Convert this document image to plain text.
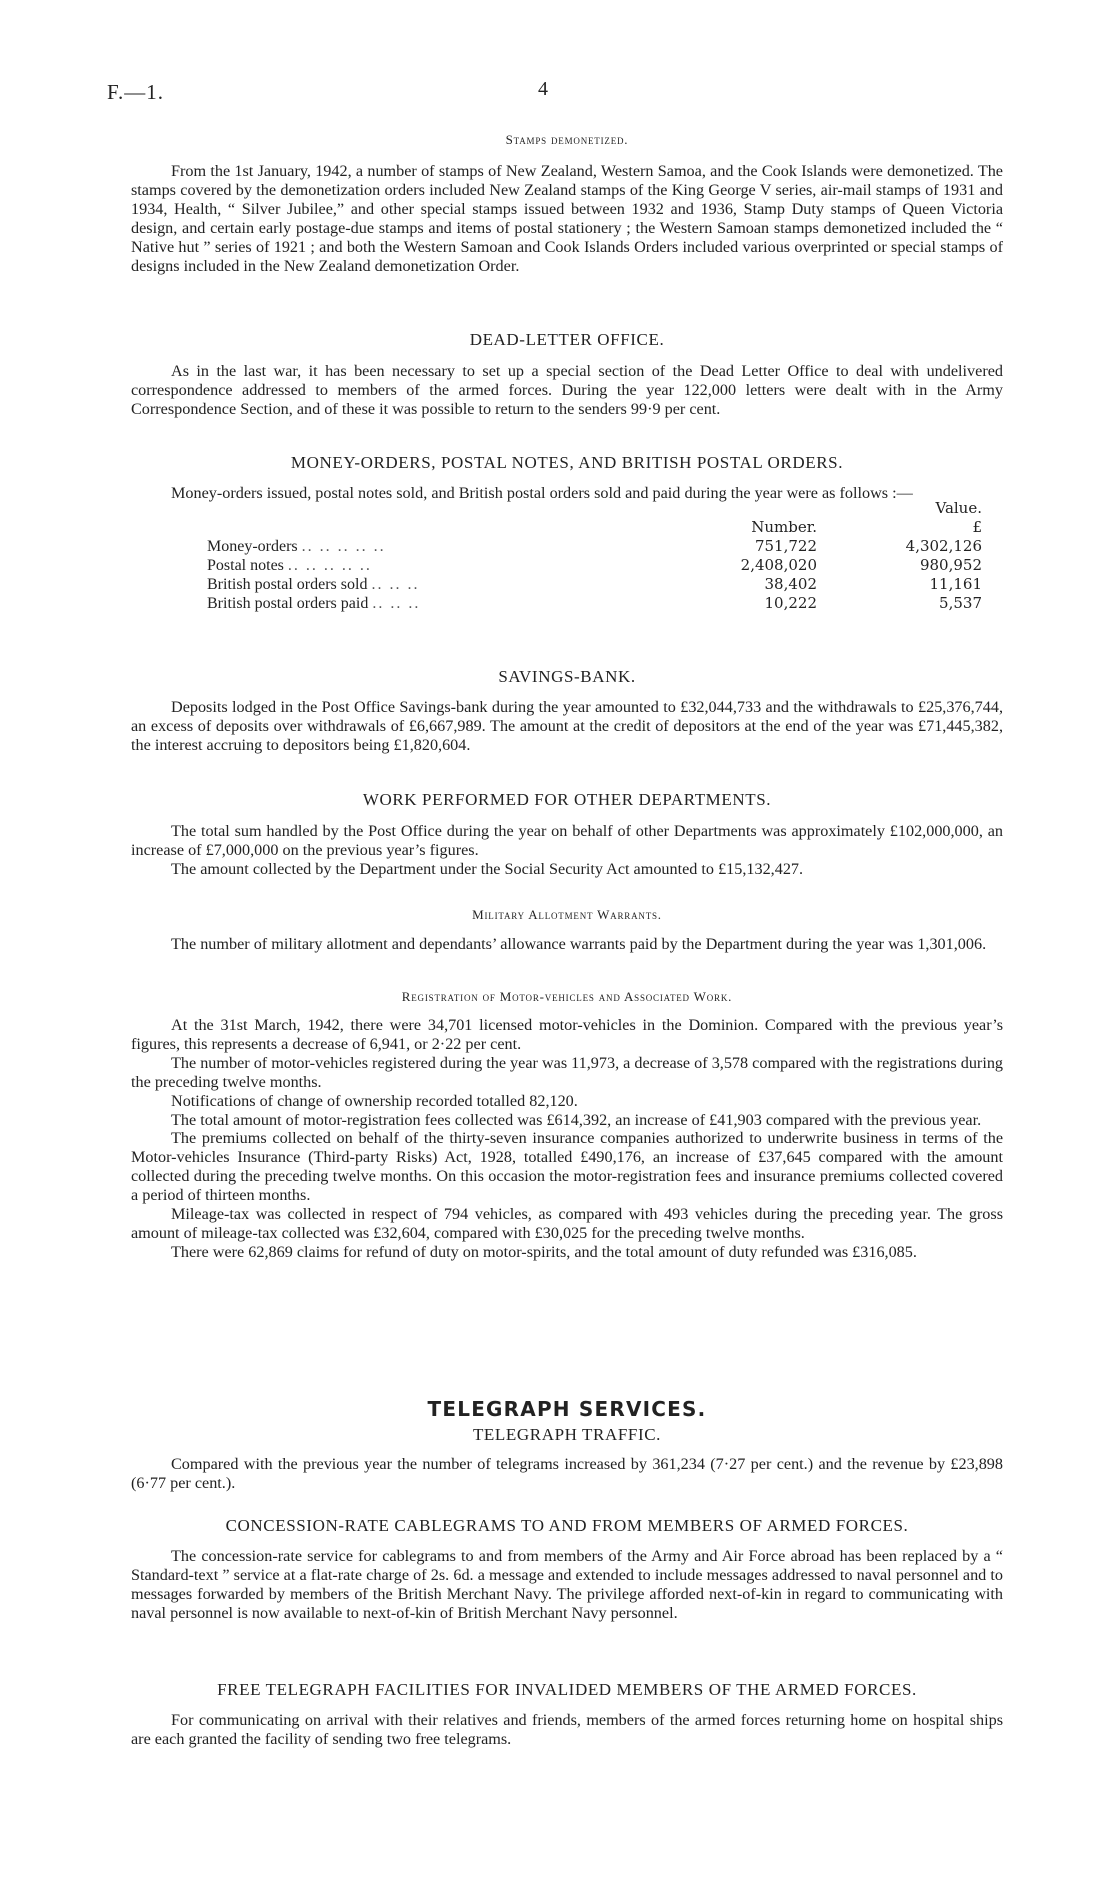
F.—1.	4
Stamps demonetized.

From the 1st January, 1942, a number of stamps of New Zealand, Western Samoa, and the Cook Islands were demonetized. The stamps covered by the demonetization orders included New Zealand stamps of the King George V series, air-mail stamps of 1931 and 1934, Health, “ Silver Jubilee,” and other special stamps issued between 1932 and 1936, Stamp Duty stamps of Queen Victoria design, and certain early postage-due stamps and items of postal stationery ; the Western Samoan stamps demonetized included the “ Native hut ” series of 1921 ; and both the Western Samoan and Cook Islands Orders included various overprinted or special stamps of designs included in the New Zealand demonetization Order.

DEAD-LETTER OFFICE.

As in the last war, it has been necessary to set up a special section of the Dead Letter Office to deal with undelivered correspondence addressed to members of the armed forces. During the year 122,000 letters were dealt with in the Army Correspondence Section, and of these it was possible to return to the senders 99·9 per cent.

MONEY-ORDERS, POSTAL NOTES, AND BRITISH POSTAL ORDERS.

Money-orders issued, postal notes sold, and British postal orders sold and paid during the year were as follows :—

		Value.
	Number.	£
Money-orders .. .. .. .. ..	751,722	4,302,126
Postal notes .. .. .. .. ..	2,408,020	980,952
British postal orders sold .. .. ..	38,402	11,161
British postal orders paid .. .. ..	10,222	5,537
SAVINGS-BANK.

Deposits lodged in the Post Office Savings-bank during the year amounted to £32,044,733 and the withdrawals to £25,376,744, an excess of deposits over withdrawals of £6,667,989. The amount at the credit of depositors at the end of the year was £71,445,382, the interest accruing to depositors being £1,820,604.

WORK PERFORMED FOR OTHER DEPARTMENTS.

The total sum handled by the Post Office during the year on behalf of other Departments was approximately £102,000,000, an increase of £7,000,000 on the previous year’s figures.

The amount collected by the Department under the Social Security Act amounted to £15,132,427.

Military Allotment Warrants.

The number of military allotment and dependants’ allowance warrants paid by the Department during the year was 1,301,006.

Registration of Motor-vehicles and Associated Work.

At the 31st March, 1942, there were 34,701 licensed motor-vehicles in the Dominion. Compared with the previous year’s figures, this represents a decrease of 6,941, or 2·22 per cent.

The number of motor-vehicles registered during the year was 11,973, a decrease of 3,578 compared with the registrations during the preceding twelve months.

Notifications of change of ownership recorded totalled 82,120.

The total amount of motor-registration fees collected was £614,392, an increase of £41,903 compared with the previous year.

The premiums collected on behalf of the thirty-seven insurance companies authorized to underwrite business in terms of the Motor-vehicles Insurance (Third-party Risks) Act, 1928, totalled £490,176, an increase of £37,645 compared with the amount collected during the preceding twelve months. On this occasion the motor-registration fees and insurance premiums collected covered a period of thirteen months.

Mileage-tax was collected in respect of 794 vehicles, as compared with 493 vehicles during the preceding year. The gross amount of mileage-tax collected was £32,604, compared with £30,025 for the preceding twelve months.

There were 62,869 claims for refund of duty on motor-spirits, and the total amount of duty refunded was £316,085.

TELEGRAPH SERVICES.
TELEGRAPH TRAFFIC.

Compared with the previous year the number of telegrams increased by 361,234 (7·27 per cent.) and the revenue by £23,898 (6·77 per cent.).

CONCESSION-RATE CABLEGRAMS TO AND FROM MEMBERS OF ARMED FORCES.

The concession-rate service for cablegrams to and from members of the Army and Air Force abroad has been replaced by a “ Standard-text ” service at a flat-rate charge of 2s. 6d. a message and extended to include messages addressed to naval personnel and to messages forwarded by members of the British Merchant Navy. The privilege afforded next-of-kin in regard to communicating with naval personnel is now available to next-of-kin of British Merchant Navy personnel.

FREE TELEGRAPH FACILITIES FOR INVALIDED MEMBERS OF THE ARMED FORCES.

For communicating on arrival with their relatives and friends, members of the armed forces returning home on hospital ships are each granted the facility of sending two free telegrams.
